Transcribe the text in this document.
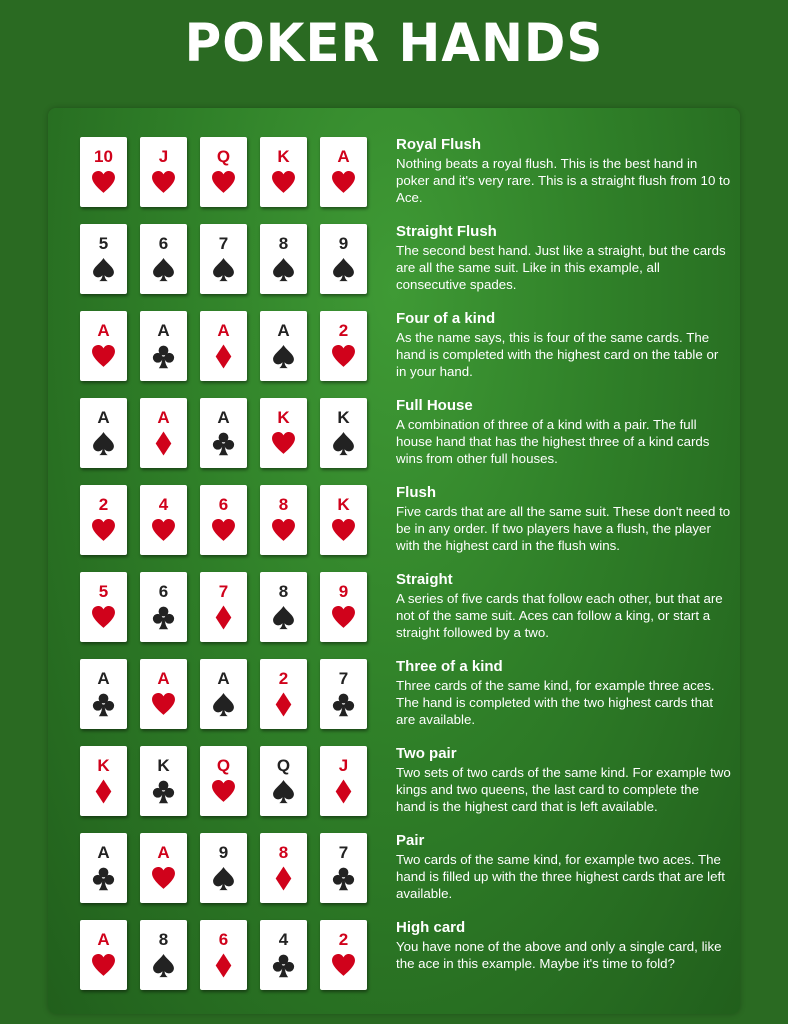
POKER HANDS
10	J	Q	K	A
Royal Flush
Nothing beats a royal flush. This is the best hand in poker and it's very rare. This is a straight flush from 10 to Ace.
5	6	7	8	9
Straight Flush
The second best hand. Just like a straight, but the cards are all the same suit. Like in this example, all consecutive spades.
A	A	A	A	2
Four of a kind
As the name says, this is four of the same cards. The hand is completed with the highest card on the table or in your hand.
A	A	A	K	K
Full House
A combination of three of a kind with a pair. The full house hand that has the highest three of a kind cards wins from other full houses.
2	4	6	8	K
Flush
Five cards that are all the same suit. These don't need to be in any order. If two players have a flush, the player with the highest card in the flush wins.
5	6	7	8	9
Straight
A series of five cards that follow each other, but that are not of the same suit. Aces can follow a king, or start a straight followed by a two.
A	A	A	2	7
Three of a kind
Three cards of the same kind, for example three aces. The hand is completed with the two highest cards that are available.
K	K	Q	Q	J
Two pair
Two sets of two cards of the same kind. For example two kings and two queens, the last card to complete the hand is the highest card that is left available.
A	A	9	8	7
Pair
Two cards of the same kind, for example two aces. The hand is filled up with the three highest cards that are left available.
A	8	6	4	2
High card
You have none of the above and only a single card, like the ace in this example. Maybe it's time to fold?
